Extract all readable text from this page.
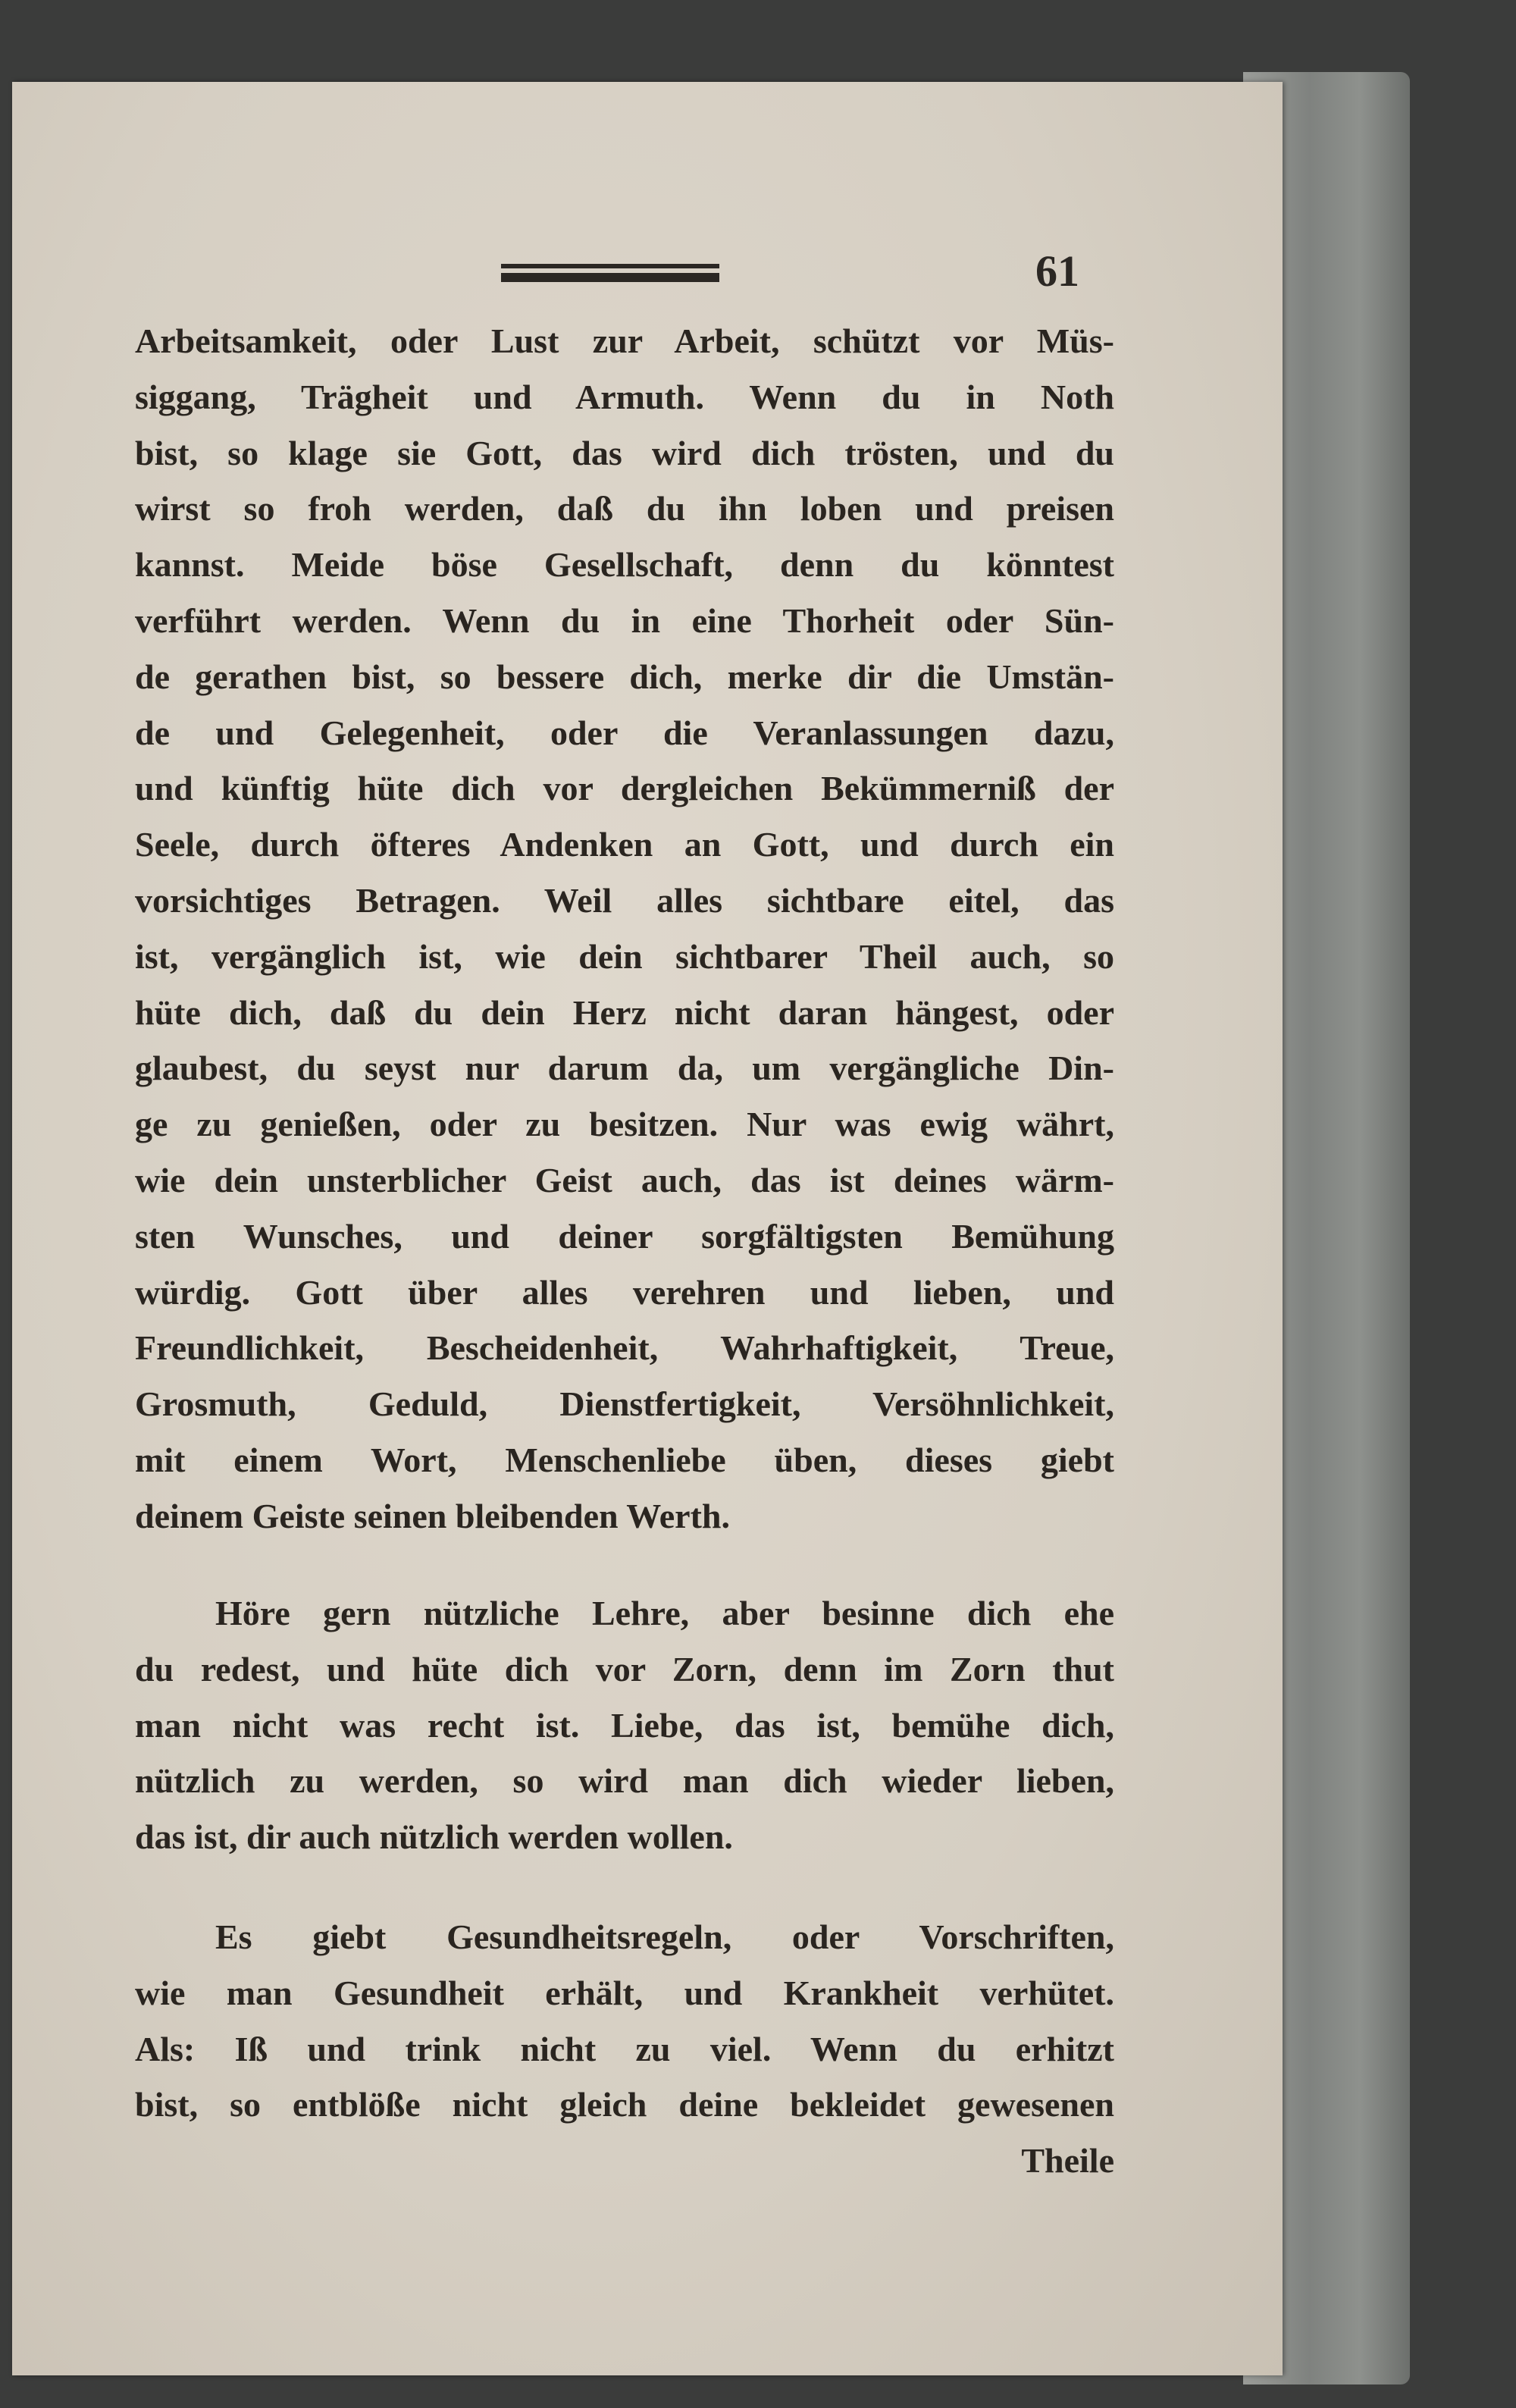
61
Arbeitsamkeit, oder Lust zur Arbeit, schützt vor Müs-
siggang, Trägheit und Armuth. Wenn du in Noth
bist, so klage sie Gott, das wird dich trösten, und du
wirst so froh werden, daß du ihn loben und preisen
kannst. Meide böse Gesellschaft, denn du könntest
verführt werden. Wenn du in eine Thorheit oder Sün-
de gerathen bist, so bessere dich, merke dir die Umstän-
de und Gelegenheit, oder die Veranlassungen dazu,
und künftig hüte dich vor dergleichen Bekümmerniß der
Seele, durch öfteres Andenken an Gott, und durch ein
vorsichtiges Betragen. Weil alles sichtbare eitel, das
ist, vergänglich ist, wie dein sichtbarer Theil auch, so
hüte dich, daß du dein Herz nicht daran hängest, oder
glaubest, du seyst nur darum da, um vergängliche Din-
ge zu genießen, oder zu besitzen. Nur was ewig währt,
wie dein unsterblicher Geist auch, das ist deines wärm-
sten Wunsches, und deiner sorgfältigsten Bemühung
würdig. Gott über alles verehren und lieben, und
Freundlichkeit, Bescheidenheit, Wahrhaftigkeit, Treue,
Grosmuth, Geduld, Dienstfertigkeit, Versöhnlichkeit,
mit einem Wort, Menschenliebe üben, dieses giebt
deinem Geiste seinen bleibenden Werth.
Höre gern nützliche Lehre, aber besinne dich ehe
du redest, und hüte dich vor Zorn, denn im Zorn thut
man nicht was recht ist. Liebe, das ist, bemühe dich,
nützlich zu werden, so wird man dich wieder lieben,
das ist, dir auch nützlich werden wollen.
Es giebt Gesundheitsregeln, oder Vorschriften,
wie man Gesundheit erhält, und Krankheit verhütet.
Als: Iß und trink nicht zu viel. Wenn du erhitzt
bist, so entblöße nicht gleich deine bekleidet gewesenen
Theile
